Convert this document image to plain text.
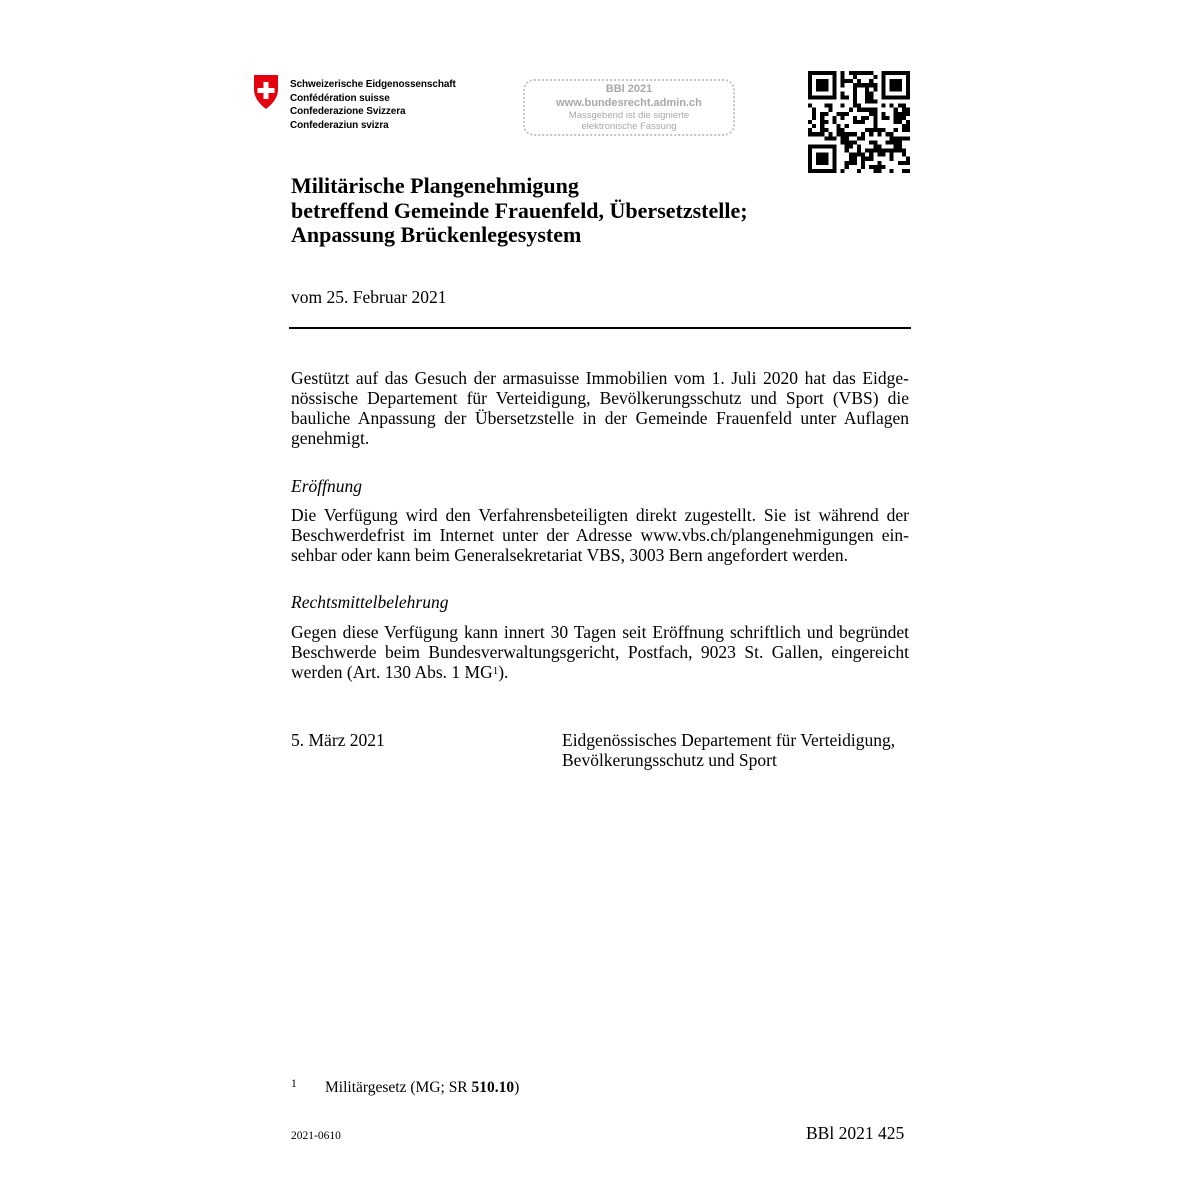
Schweizerische Eidgenossenschaft
Confédération suisse
Confederazione Svizzera
Confederaziun svizra
BBl 2021
www.bundesrecht.admin.ch
Massgebend ist die signierte
elektronische Fassung
Militärische Plangenehmigung
betreffend Gemeinde Frauenfeld, Übersetzstelle;
Anpassung Brückenlegesystem
vom 25. Februar 2021
Gestützt auf das Gesuch der armasuisse Immobilien vom 1. Juli 2020 hat das Eidge-
nössische Departement für Verteidigung, Bevölkerungsschutz und Sport (VBS) die
bauliche Anpassung der Übersetzstelle in der Gemeinde Frauenfeld unter Auflagen
genehmigt.
Eröffnung
Die Verfügung wird den Verfahrensbeteiligten direkt zugestellt. Sie ist während der
Beschwerdefrist im Internet unter der Adresse www.vbs.ch/plangenehmigungen ein-
sehbar oder kann beim Generalsekretariat VBS, 3003 Bern angefordert werden.
Rechtsmittelbelehrung
Gegen diese Verfügung kann innert 30 Tagen seit Eröffnung schriftlich und begründet
Beschwerde beim Bundesverwaltungsgericht, Postfach, 9023 St. Gallen, eingereicht
werden (Art. 130 Abs. 1 MG$^1$).
5. März 2021	Eidgenössisches Departement für Verteidigung,
Bevölkerungsschutz und Sport
1 Militärgesetz (MG; SR 510.10)
2021-0610	BBl 2021 425
